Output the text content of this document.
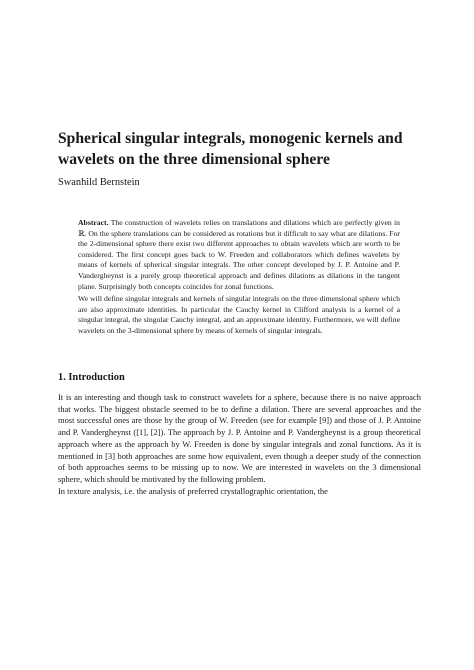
Spherical singular integrals, monogenic kernels and wavelets on the three dimensional sphere

Swanhild Bernstein

Abstract. The construction of wavelets relies on translations and dilations which are perfectly given in ℝ. On the sphere translations can be considered as rotations but it difficult to say what are dilations. For the 2-dimensional sphere there exist two different approaches to obtain wavelets which are worth to be considered. The first concept goes back to W. Freeden and collaborators which defines wavelets by means of kernels of spherical singular integrals. The other concept developed by J. P. Antoine and P. Vandergheynst is a purely group theoretical approach and defines dilations as dilations in the tangent plane. Surprisingly both concepts coincides for zonal functions.

We will define singular integrals and kernels of singular integrals on the three dimensional sphere which are also approximate identities. In particular the Cauchy kernel in Clifford analysis is a kernel of a singular integral, the singular Cauchy integral, and an approximate identity. Furthermore, we will define wavelets on the 3-dimensional sphere by means of kernels of singular integrals.

1. Introduction

It is an interesting and though task to construct wavelets for a sphere, because there is no naive approach that works. The biggest obstacle seemed to be to define a dilation. There are several approaches and the most successful ones are those by the group of W. Freeden (see for example [9]) and those of J. P. Antoine and P. Vandergheynst ([1], [2]). The approach by J. P. Antoine and P. Vandergheynst is a group theoretical approach where as the approach by W. Freeden is done by singular integrals and zonal functions. As it is mentioned in [3] both approaches are some how equivalent, even though a deeper study of the connection of both approaches seems to be missing up to now. We are interested in wavelets on the 3 dimensional sphere, which should be motivated by the following problem.

In texture analysis, i.e. the analysis of preferred crystallographic orientation, the
